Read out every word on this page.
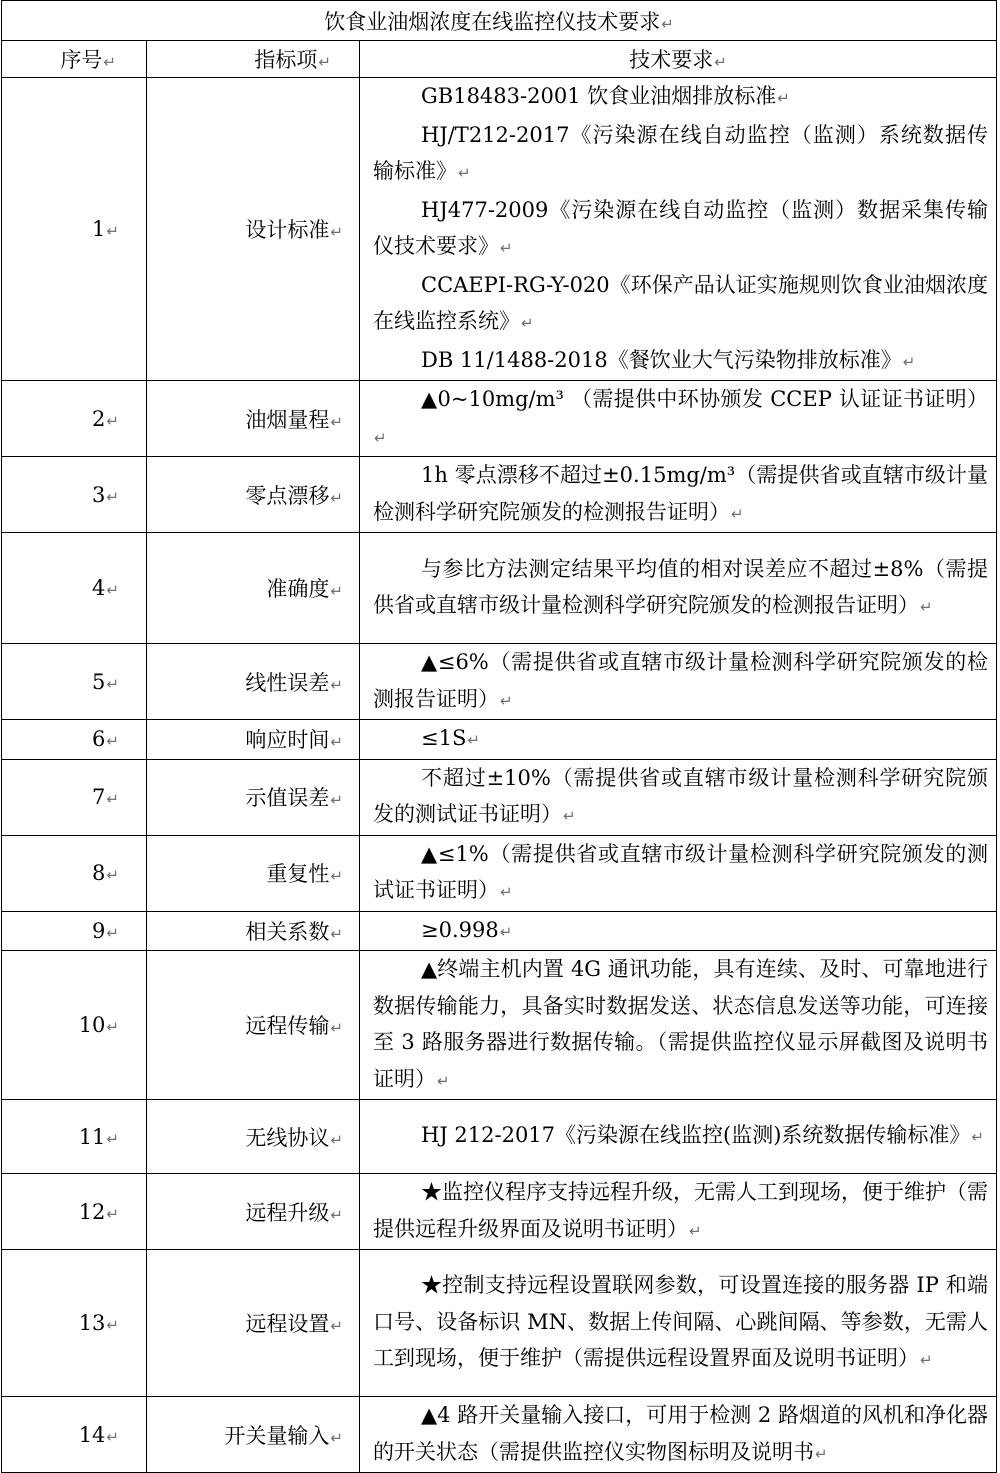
饮食业油烟浓度在线监控仪技术要求↵		
序号↵	指标项↵	技术要求↵
1↵	设计标准↵	GB18483-2001 饮食业油烟排放标准↵
HJ/T212-2017《污染源在线自动监控（监测）系统数据传输标准》↵
HJ477-2009《污染源在线自动监控（监测）数据采集传输仪技术要求》↵
CCAEPI-RG-Y-020《环保产品认证实施规则饮食业油烟浓度在线监控系统》↵
DB 11/1488-2018《餐饮业大气污染物排放标准》↵

2↵	油烟量程↵	▲0~10mg/m³ （需提供中环协颁发 CCEP 认证证书证明）↵

3↵	零点漂移↵	1h 零点漂移不超过±0.15mg/m³（需提供省或直辖市级计量检测科学研究院颁发的检测报告证明）↵

4↵	准确度↵	与参比方法测定结果平均值的相对误差应不超过±8%（需提供省或直辖市级计量检测科学研究院颁发的检测报告证明）↵

5↵	线性误差↵	▲≤6%（需提供省或直辖市级计量检测科学研究院颁发的检测报告证明）↵

6↵	响应时间↵	≤1S↵

7↵	示值误差↵	不超过±10%（需提供省或直辖市级计量检测科学研究院颁发的测试证书证明）↵

8↵	重复性↵	▲≤1%（需提供省或直辖市级计量检测科学研究院颁发的测试证书证明）↵

9↵	相关系数↵	≥0.998↵

10↵	远程传输↵	▲终端主机内置 4G 通讯功能，具有连续、及时、可靠地进行数据传输能力，具备实时数据发送、状态信息发送等功能，可连接至 3 路服务器进行数据传输。（需提供监控仪显示屏截图及说明书证明）↵

11↵	无线协议↵	HJ 212-2017《污染源在线监控(监测)系统数据传输标准》↵

12↵	远程升级↵	★监控仪程序支持远程升级，无需人工到现场，便于维护（需提供远程升级界面及说明书证明）↵

13↵	远程设置↵	★控制支持远程设置联网参数，可设置连接的服务器 IP 和端口号、设备标识 MN、数据上传间隔、心跳间隔、等参数，无需人工到现场，便于维护（需提供远程设置界面及说明书证明）↵

14↵	开关量输入↵	▲4 路开关量输入接口，可用于检测 2 路烟道的风机和净化器的开关状态（需提供监控仪实物图标明及说明书↵
